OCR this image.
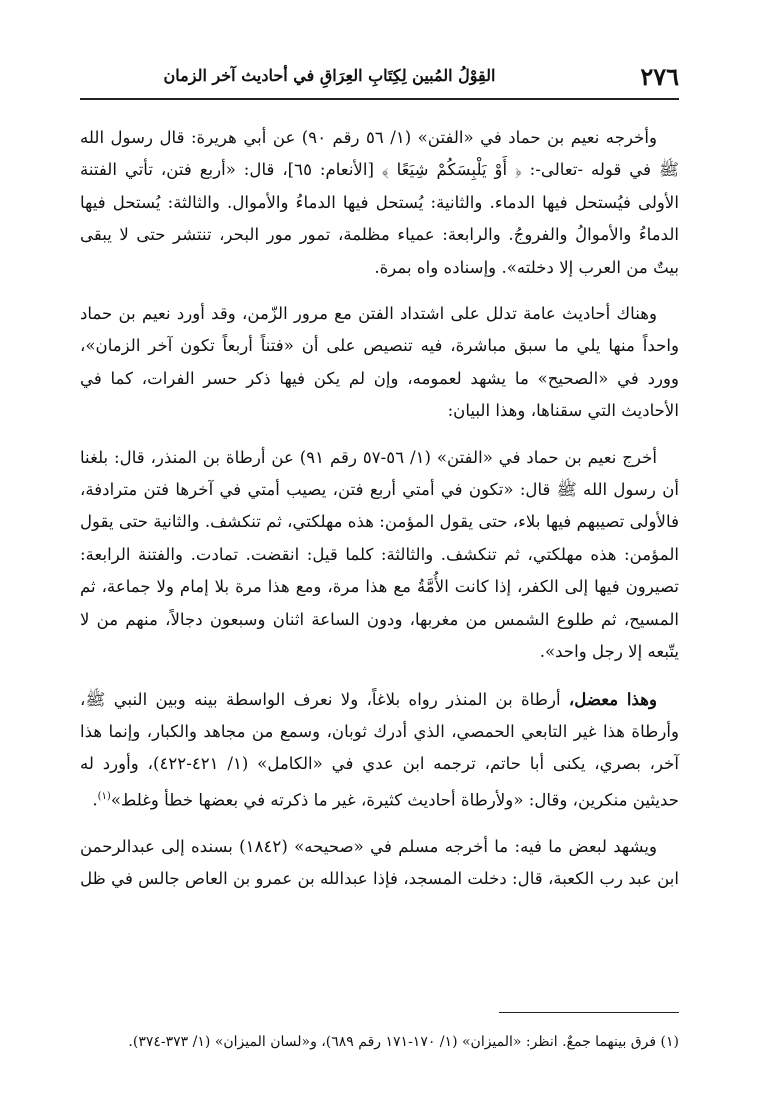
٢٧٦
القِوْلُ المُبين لِكِتَابِ العِرَاقِ في أحاديث آخر الزمان

وأخرجه نعيم بن حماد في «الفتن» (١/ ٥٦ رقم ٩٠) عن أبي هريرة: قال رسول الله ﷺ في قوله -تعالى-: ﴿ أَوْ يَلْبِسَكُمْ شِيَعًا ﴾ [الأنعام: ٦٥]، قال: «أربع فتن، تأتي الفتنة الأولى فيُستحل فيها الدماء. والثانية: يُستحل فيها الدماءُ والأموال. والثالثة: يُستحل فيها الدماءُ والأموالُ والفروجُ. والرابعة: عمياء مظلمة، تمور مور البحر، تنتشر حتى لا يبقى بيتٌ من العرب إلا دخلته». وإسناده واه بمرة.

وهناك أحاديث عامة تدلل على اشتداد الفتن مع مرور الزّمن، وقد أورد نعيم بن حماد واحداً منها يلي ما سبق مباشرة، فيه تنصيص على أن «فتناً أربعاً تكون آخر الزمان»، وورد في «الصحيح» ما يشهد لعمومه، وإن لم يكن فيها ذكر حسر الفرات، كما في الأحاديث التي سقناها، وهذا البيان:

أخرج نعيم بن حماد في «الفتن» (١/ ٥٦-٥٧ رقم ٩١) عن أرطاة بن المنذر، قال: بلغنا أن رسول الله ﷺ قال: «تكون في أمتي أربع فتن، يصيب أمتي في آخرها فتن مترادفة، فالأولى تصيبهم فيها بلاء، حتى يقول المؤمن: هذه مهلكتي، ثم تنكشف. والثانية حتى يقول المؤمن: هذه مهلكتي، ثم تنكشف. والثالثة: كلما قيل: انقضت. تمادت. والفتنة الرابعة: تصيرون فيها إلى الكفر، إذا كانت الأُمَّةُ مع هذا مرة، ومع هذا مرة بلا إمام ولا جماعة، ثم المسيح، ثم طلوع الشمس من مغربها، ودون الساعة اثنان وسبعون دجالاً، منهم من لا يتّبعه إلا رجل واحد».

وهذا معضل، أرطاة بن المنذر رواه بلاغاً، ولا نعرف الواسطة بينه وبين النبي ﷺ، وأرطاة هذا غير التابعي الحمصي، الذي أدرك ثوبان، وسمع من مجاهد والكبار، وإنما هذا آخر، بصري، يكنى أبا حاتم، ترجمه ابن عدي في «الكامل» (١/ ٤٢١-٤٢٢)، وأورد له حديثين منكرين، وقال: «ولأرطاة أحاديث كثيرة، غير ما ذكرته في بعضها خطأ وغلط»$^{(١)}$.

ويشهد لبعض ما فيه: ما أخرجه مسلم في «صحيحه» (١٨٤٢) بسنده إلى عبدالرحمن ابن عبد رب الكعبة، قال: دخلت المسجد، فإذا عبدالله بن عمرو بن العاص جالس في ظل

(١) فرق بينهما جمعٌ. انظر: «الميزان» (١/ ١٧٠-١٧١ رقم ٦٨٩)، و«لسان الميزان» (١/ ٣٧٣-٣٧٤).
